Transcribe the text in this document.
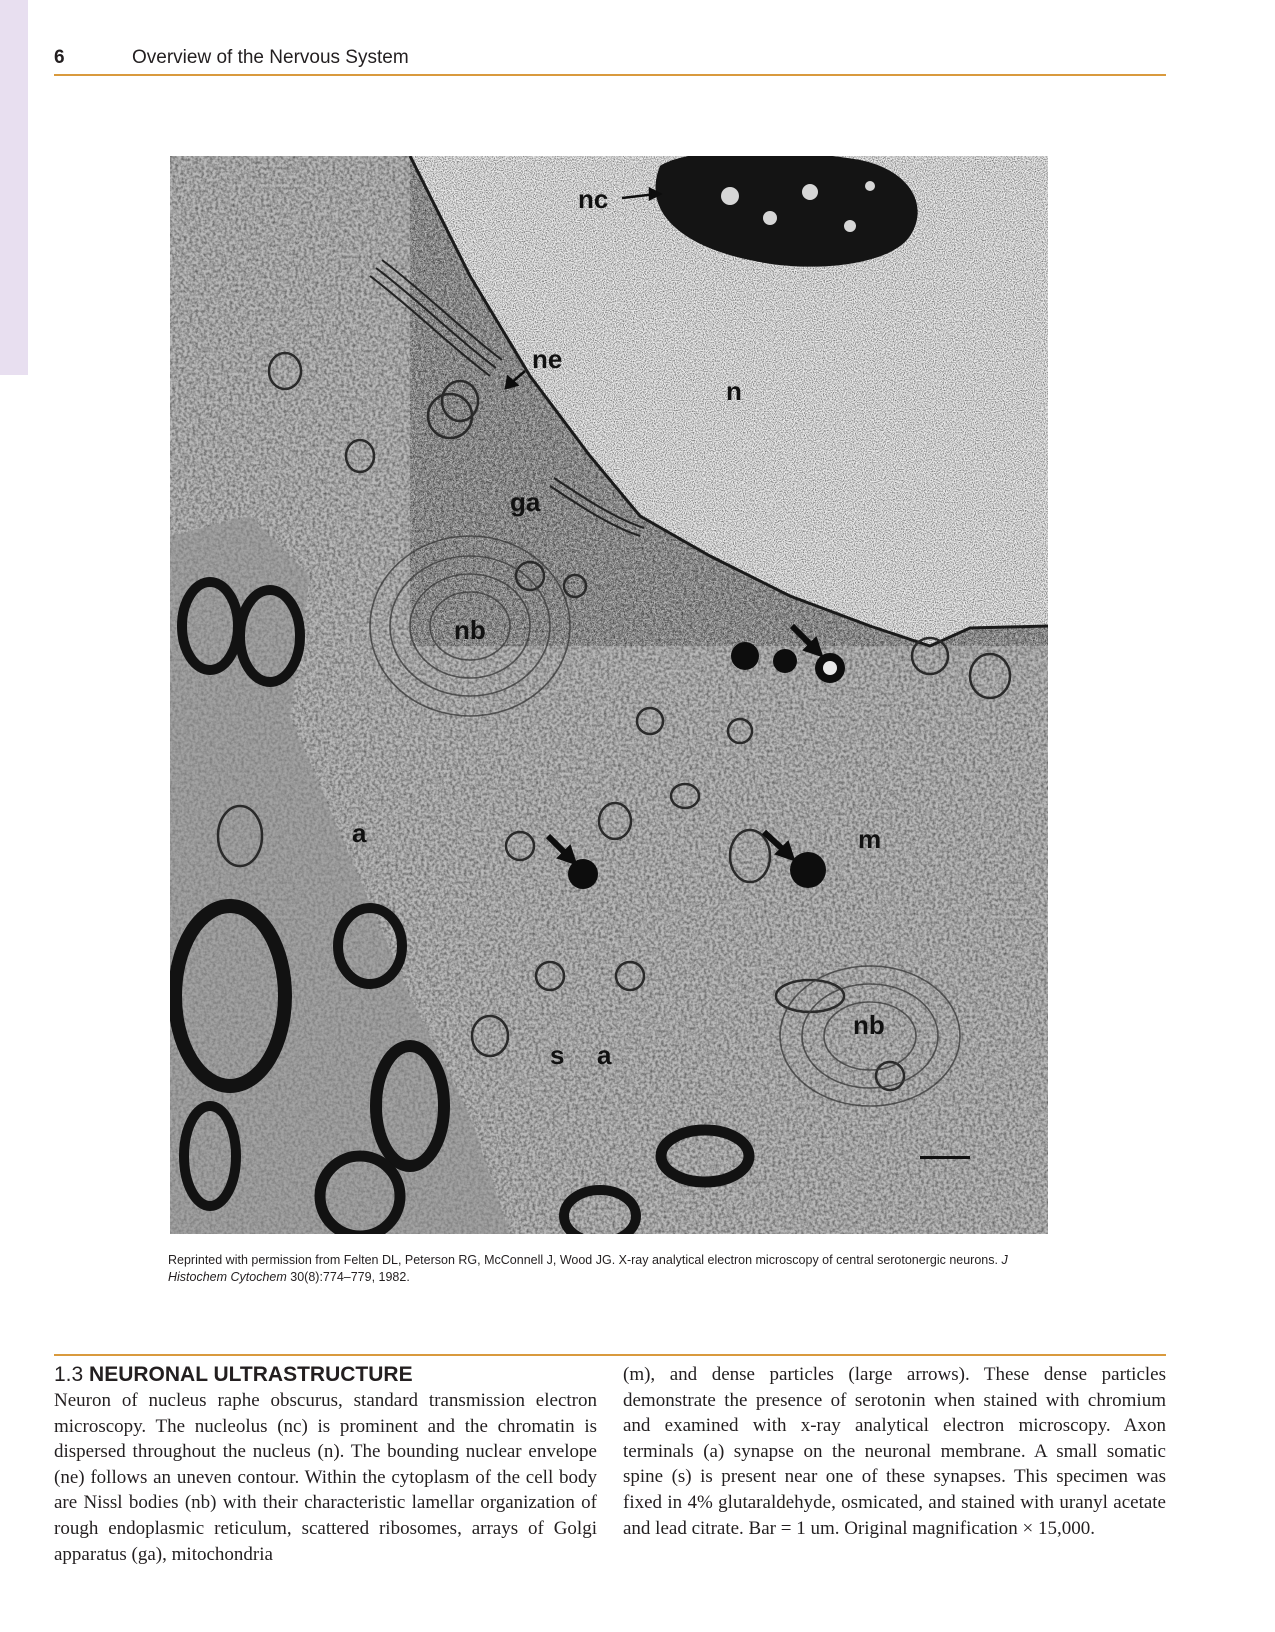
6	Overview of the Nervous System
nc
ne
n
ga
nb
m
a
nb
s a
Reprinted with permission from Felten DL, Peterson RG, McConnell J, Wood JG. X-ray analytical electron microscopy of central serotonergic neurons. J Histochem Cytochem 30(8):774–779, 1982.
1.3 NEURONAL ULTRASTRUCTURE

Neuron of nucleus raphe obscurus, standard transmission electron microscopy. The nucleolus (nc) is prominent and the chromatin is dispersed throughout the nucleus (n). The bounding nuclear envelope (ne) follows an uneven contour. Within the cytoplasm of the cell body are Nissl bodies (nb) with their characteristic lamellar organization of rough endoplasmic reticulum, scattered ribosomes, arrays of Golgi apparatus (ga), mitochondria

(m), and dense particles (large arrows). These dense particles demonstrate the presence of serotonin when stained with chromium and examined with x-ray analytical electron microscopy. Axon terminals (a) synapse on the neuronal membrane. A small somatic spine (s) is present near one of these synapses. This specimen was fixed in 4% glutaraldehyde, osmicated, and stained with uranyl acetate and lead citrate. Bar = 1 um. Original magnification × 15,000.
